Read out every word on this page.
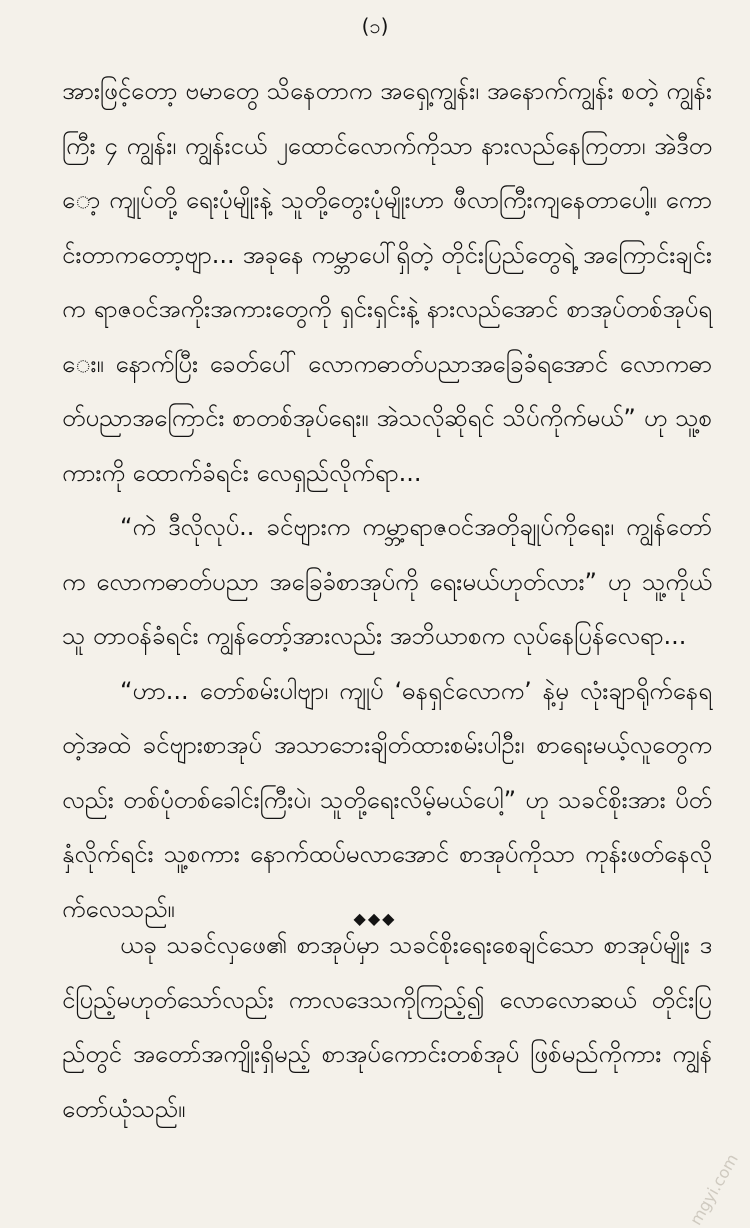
(၁)

အားဖြင့်တော့ ဗမာတွေ သိနေတာက အရှေ့ကျွန်း၊ အနောက်ကျွန်း စတဲ့ ကျွန်းကြီး ၄ ကျွန်း၊ ကျွန်းငယ် ၂ထောင်လောက်ကိုသာ နားလည်နေကြတာ၊ အဲဒီတော့ ကျုပ်တို့ ရေးပုံမျိုးနဲ့ သူတို့တွေးပုံမျိုးဟာ ဖီလာကြီးကျနေတာပေါ့။ ကောင်းတာကတော့ဗျာ... အခုနေ ကမ္ဘာပေါ်ရှိတဲ့ တိုင်းပြည်တွေရဲ့ အကြောင်းချင်းက ရာဇဝင်အကိုးအကားတွေကို ရှင်းရှင်းနဲ့ နားလည်အောင် စာအုပ်တစ်အုပ်ရေး။ နောက်ပြီး ခေတ်ပေါ် လောကဓာတ်ပညာအခြေခံရအောင် လောကဓာတ်ပညာအကြောင်း စာတစ်အုပ်ရေး။ အဲသလိုဆိုရင် သိပ်ကိုက်မယ်” ဟု သူ့စကားကို ထောက်ခံရင်း လေရှည်လိုက်ရာ...

“ကဲ ဒီလိုလုပ်.. ခင်ဗျားက ကမ္ဘာ့ရာဇဝင်အတိုချုပ်ကိုရေး၊ ကျွန်တော်က လောကဓာတ်ပညာ အခြေခံစာအုပ်ကို ရေးမယ်ဟုတ်လား” ဟု သူ့ကိုယ်သူ တာဝန်ခံရင်း ကျွန်တော့်အားလည်း အဘိယာစက လုပ်နေပြန်လေရာ...

“ဟာ... တော်စမ်းပါဗျာ၊ ကျုပ် ‘ဓနရှင်လောက’ နဲ့မှ လုံးချာရိုက်နေရတဲ့အထဲ ခင်ဗျားစာအုပ် အသာဘေးချိတ်ထားစမ်းပါဦး၊ စာရေးမယ့်လူတွေကလည်း တစ်ပုံတစ်ခေါင်းကြီးပဲ၊ သူတို့ရေးလိမ့်မယ်ပေါ့” ဟု သခင်စိုးအား ပိတ်နှံလိုက်ရင်း သူ့စကား နောက်ထပ်မလာအောင် စာအုပ်ကိုသာ ကုန်းဖတ်နေလိုက်လေသည်။	◆◆◆

ယခု သခင်လှဖေ၏ စာအုပ်မှာ သခင်စိုးရေးစေချင်သော စာအုပ်မျိုး ဒင်ပြည့်မဟုတ်သော်လည်း ကာလဒေသကိုကြည့်၍ လောလောဆယ် တိုင်းပြည်တွင် အတော်အကျိုးရှိမည့် စာအုပ်ကောင်းတစ်အုပ် ဖြစ်မည်ကိုကား ကျွန်တော်ယုံသည်။

mgyi.com
